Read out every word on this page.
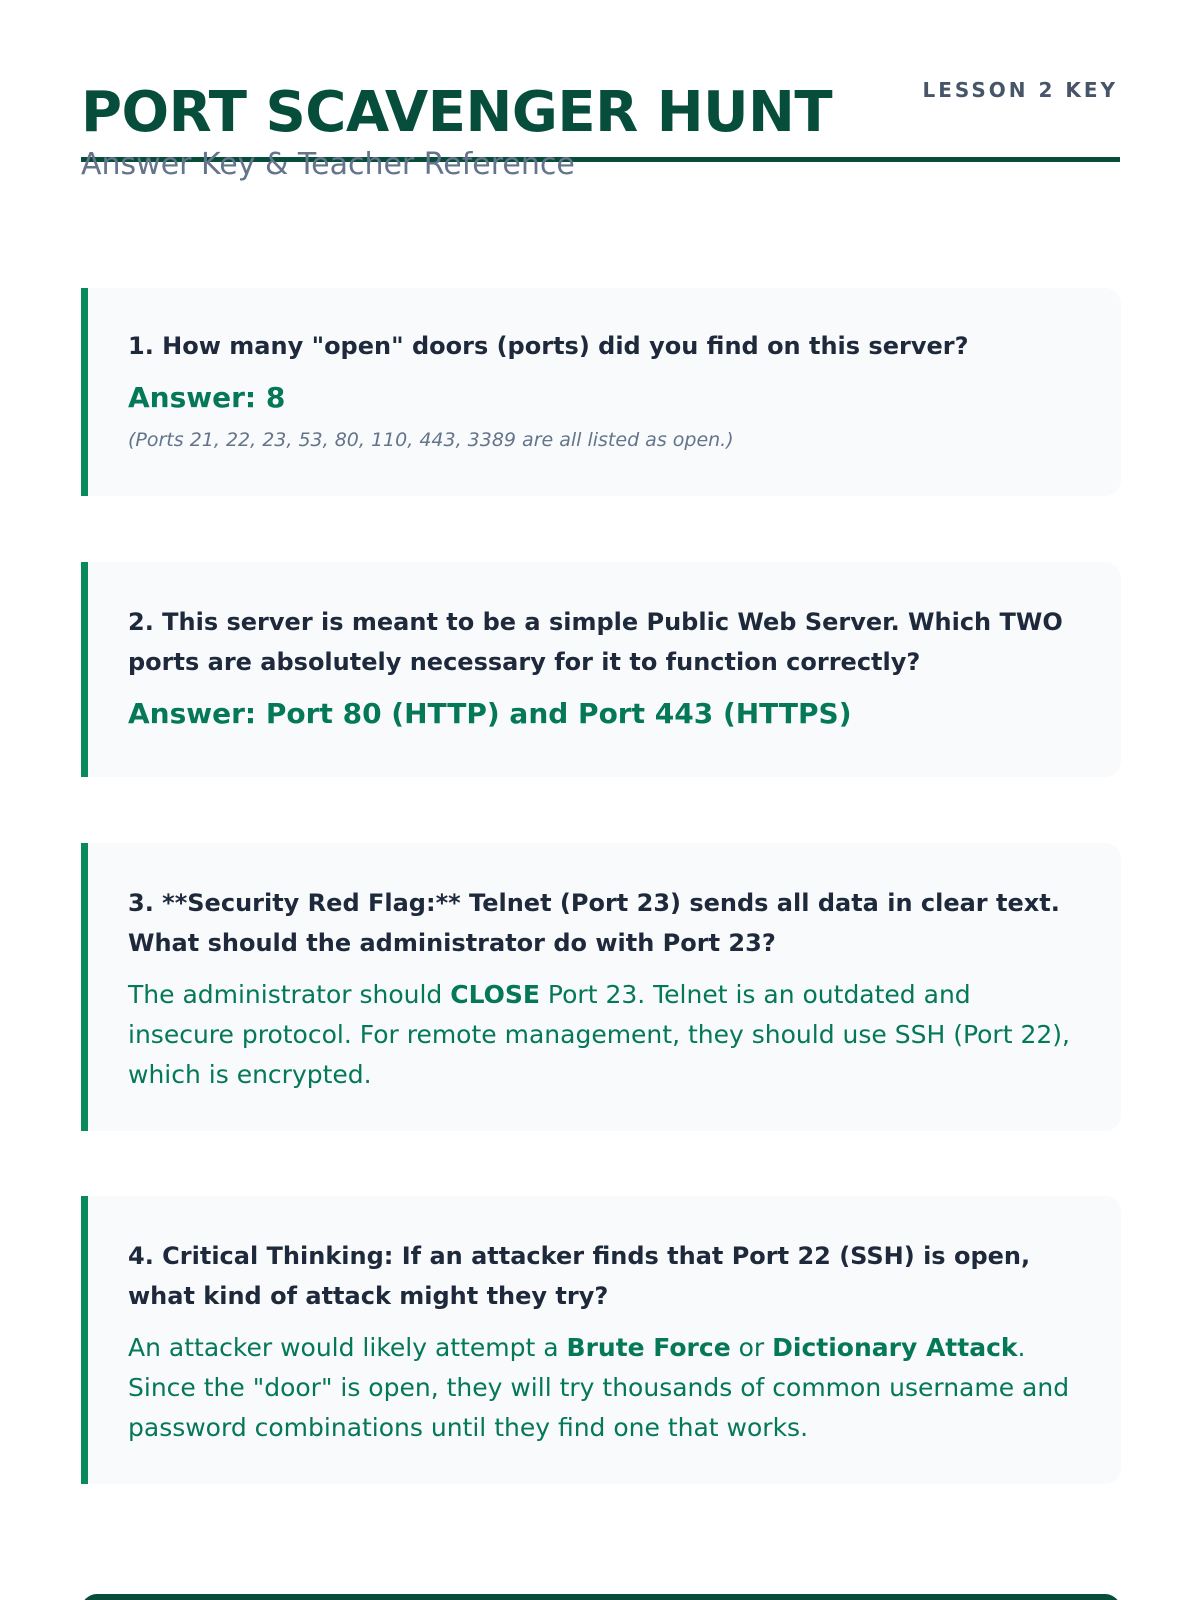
PORT SCAVENGER HUNT

Answer Key & Teacher Reference

LESSON 2 KEY

1. How many "open" doors (ports) did you find on this server?

Answer: 8

(Ports 21, 22, 23, 53, 80, 110, 443, 3389 are all listed as open.)

2. This server is meant to be a simple Public Web Server. Which TWO ports are absolutely necessary for it to function correctly?

Answer: Port 80 (HTTP) and Port 443 (HTTPS)

3. **Security Red Flag:** Telnet (Port 23) sends all data in clear text. What should the administrator do with Port 23?

The administrator should CLOSE Port 23. Telnet is an outdated and insecure protocol. For remote management, they should use SSH (Port 22), which is encrypted.

4. Critical Thinking: If an attacker finds that Port 22 (SSH) is open, what kind of attack might they try?

An attacker would likely attempt a Brute Force or Dictionary Attack. Since the "door" is open, they will try thousands of common username and password combinations until they find one that works.
